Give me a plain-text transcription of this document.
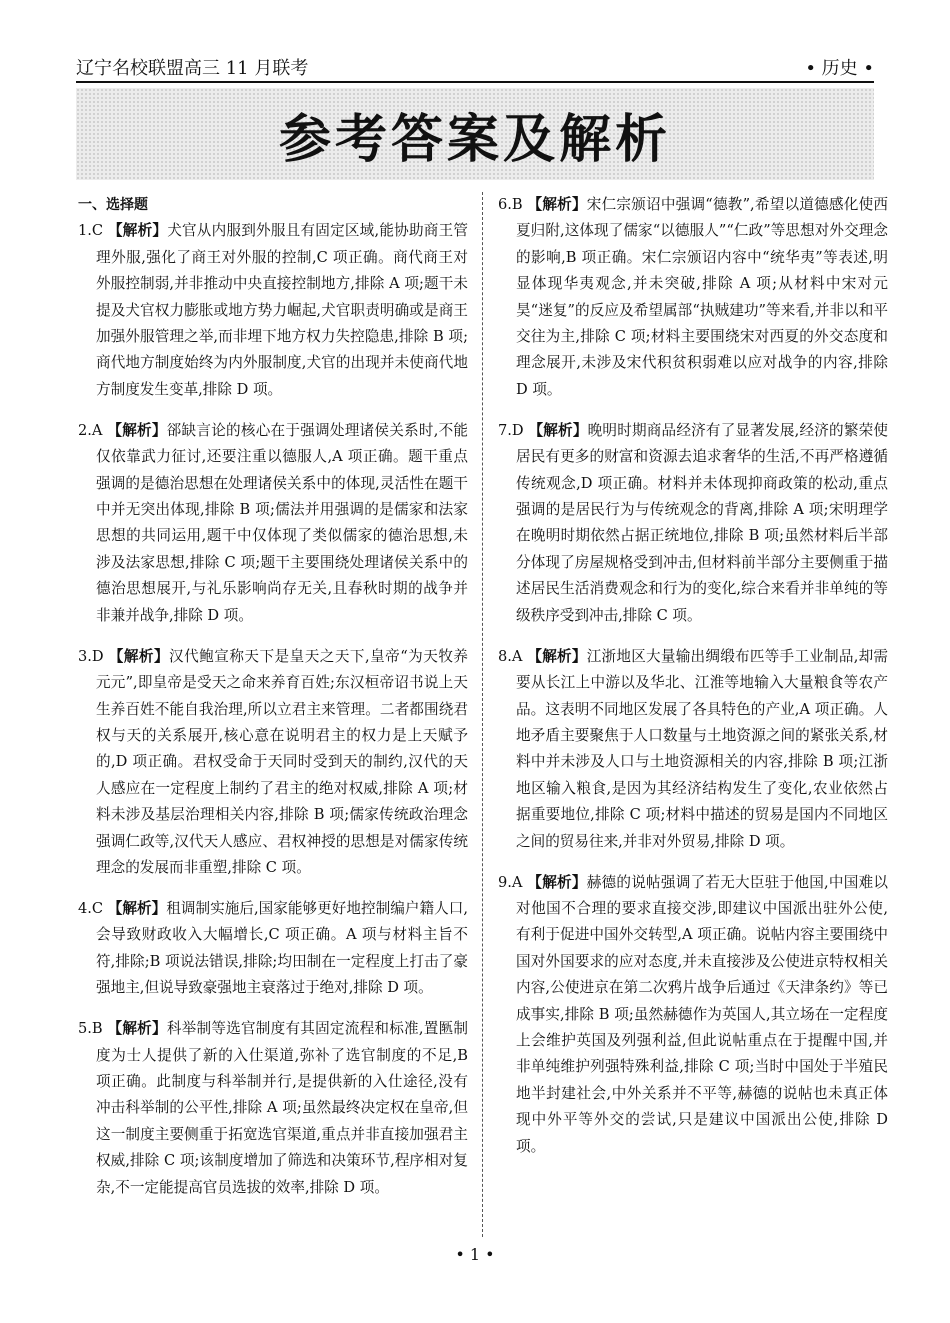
辽宁名校联盟高三 11 月联考	• 历史 •
参考答案及解析
一、选择题

1.C 【解析】犬官从内服到外服且有固定区域,能协助商王管理外服,强化了商王对外服的控制,C 项正确。商代商王对外服控制弱,并非推动中央直接控制地方,排除 A 项;题干未提及犬官权力膨胀或地方势力崛起,犬官职责明确或是商王加强外服管理之举,而非埋下地方权力失控隐患,排除 B 项;商代地方制度始终为内外服制度,犬官的出现并未使商代地方制度发生变革,排除 D 项。

2.A 【解析】郤缺言论的核心在于强调处理诸侯关系时,不能仅依靠武力征讨,还要注重以德服人,A 项正确。题干重点强调的是德治思想在处理诸侯关系中的体现,灵活性在题干中并无突出体现,排除 B 项;儒法并用强调的是儒家和法家思想的共同运用,题干中仅体现了类似儒家的德治思想,未涉及法家思想,排除 C 项;题干主要围绕处理诸侯关系中的德治思想展开,与礼乐影响尚存无关,且春秋时期的战争并非兼并战争,排除 D 项。

3.D 【解析】汉代鲍宣称天下是皇天之天下,皇帝“为天牧养元元”,即皇帝是受天之命来养育百姓;东汉桓帝诏书说上天生养百姓不能自我治理,所以立君主来管理。二者都围绕君权与天的关系展开,核心意在说明君主的权力是上天赋予的,D 项正确。君权受命于天同时受到天的制约,汉代的天人感应在一定程度上制约了君主的绝对权威,排除 A 项;材料未涉及基层治理相关内容,排除 B 项;儒家传统政治理念强调仁政等,汉代天人感应、君权神授的思想是对儒家传统理念的发展而非重塑,排除 C 项。

4.C 【解析】租调制实施后,国家能够更好地控制编户籍人口,会导致财政收入大幅增长,C 项正确。A 项与材料主旨不符,排除;B 项说法错误,排除;均田制在一定程度上打击了豪强地主,但说导致豪强地主衰落过于绝对,排除 D 项。

5.B 【解析】科举制等选官制度有其固定流程和标准,置匦制度为士人提供了新的入仕渠道,弥补了选官制度的不足,B 项正确。此制度与科举制并行,是提供新的入仕途径,没有冲击科举制的公平性,排除 A 项;虽然最终决定权在皇帝,但这一制度主要侧重于拓宽选官渠道,重点并非直接加强君主权威,排除 C 项;该制度增加了筛选和决策环节,程序相对复杂,不一定能提高官员选拔的效率,排除 D 项。

6.B 【解析】宋仁宗颁诏中强调“德教”,希望以道德感化使西夏归附,这体现了儒家“以德服人”“仁政”等思想对外交理念的影响,B 项正确。宋仁宗颁诏内容中“统华夷”等表述,明显体现华夷观念,并未突破,排除 A 项;从材料中宋对元昊“迷复”的反应及希望属部“执贼建功”等来看,并非以和平交往为主,排除 C 项;材料主要围绕宋对西夏的外交态度和理念展开,未涉及宋代积贫积弱难以应对战争的内容,排除 D 项。

7.D 【解析】晚明时期商品经济有了显著发展,经济的繁荣使居民有更多的财富和资源去追求奢华的生活,不再严格遵循传统观念,D 项正确。材料并未体现抑商政策的松动,重点强调的是居民行为与传统观念的背离,排除 A 项;宋明理学在晚明时期依然占据正统地位,排除 B 项;虽然材料后半部分体现了房屋规格受到冲击,但材料前半部分主要侧重于描述居民生活消费观念和行为的变化,综合来看并非单纯的等级秩序受到冲击,排除 C 项。

8.A 【解析】江浙地区大量输出绸缎布匹等手工业制品,却需要从长江上中游以及华北、江淮等地输入大量粮食等农产品。这表明不同地区发展了各具特色的产业,A 项正确。人地矛盾主要聚焦于人口数量与土地资源之间的紧张关系,材料中并未涉及人口与土地资源相关的内容,排除 B 项;江浙地区输入粮食,是因为其经济结构发生了变化,农业依然占据重要地位,排除 C 项;材料中描述的贸易是国内不同地区之间的贸易往来,并非对外贸易,排除 D 项。

9.A 【解析】赫德的说帖强调了若无大臣驻于他国,中国难以对他国不合理的要求直接交涉,即建议中国派出驻外公使,有利于促进中国外交转型,A 项正确。说帖内容主要围绕中国对外国要求的应对态度,并未直接涉及公使进京特权相关内容,公使进京在第二次鸦片战争后通过《天津条约》等已成事实,排除 B 项;虽然赫德作为英国人,其立场在一定程度上会维护英国及列强利益,但此说帖重点在于提醒中国,并非单纯维护列强特殊利益,排除 C 项;当时中国处于半殖民地半封建社会,中外关系并不平等,赫德的说帖也未真正体现中外平等外交的尝试,只是建议中国派出公使,排除 D 项。

• 1 •
